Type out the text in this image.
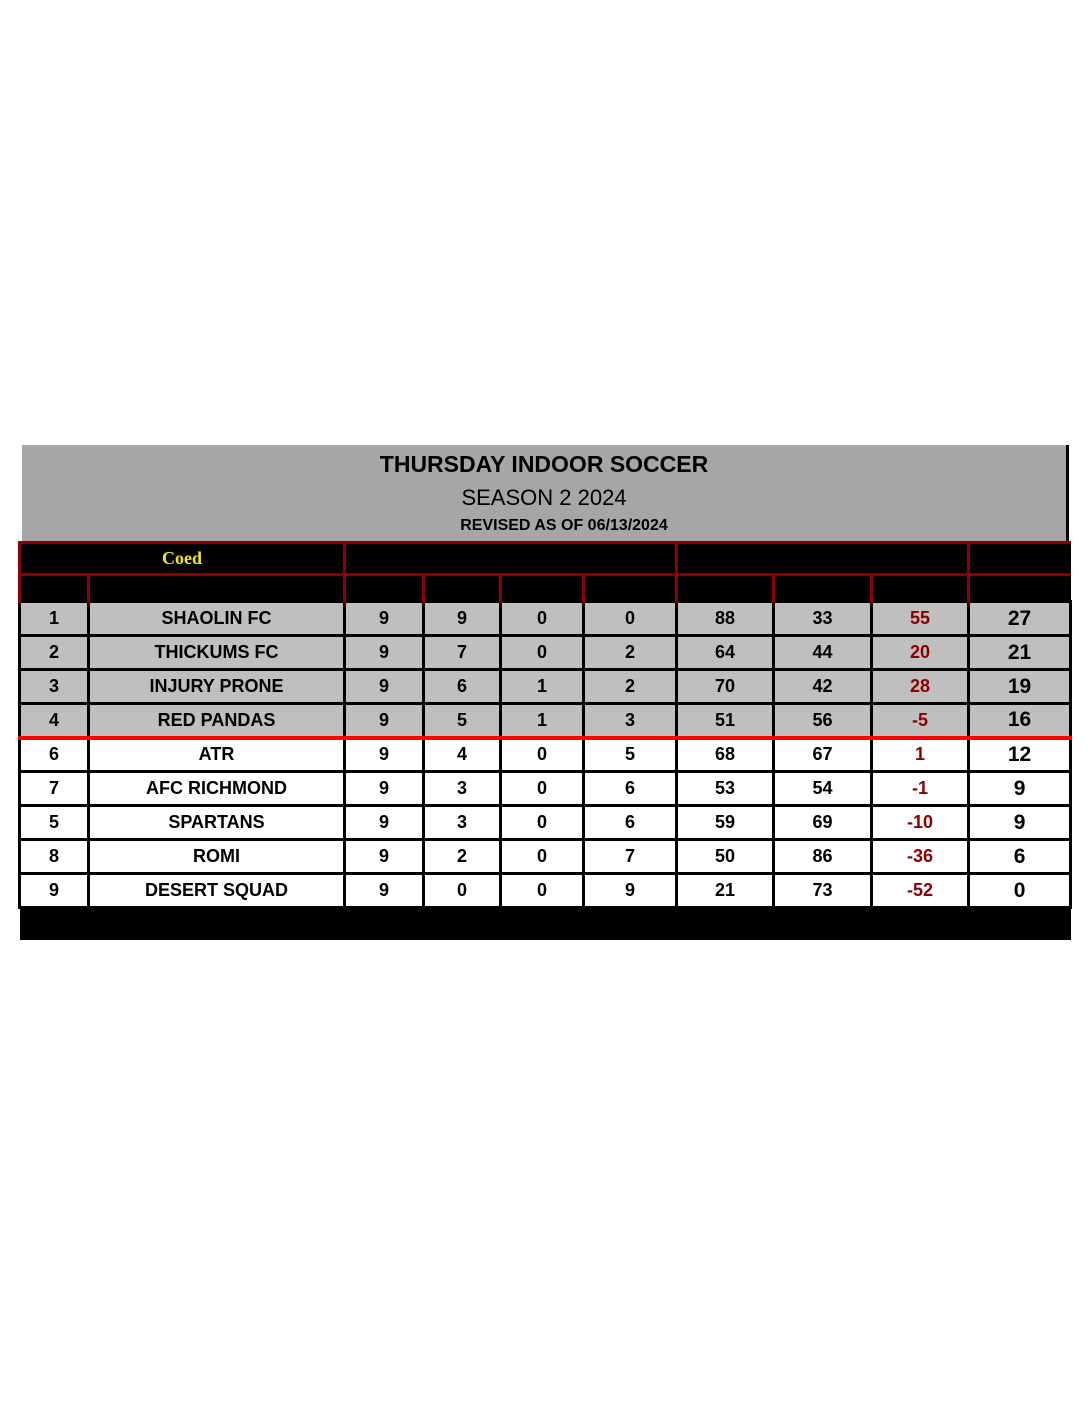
THURSDAY INDOOR SOCCER
SEASON 2 2024
REVISED AS OF 06/13/2024
Coed		SEASON RECORD				GOALS			TOTAL
POS.	TEAM NAME	GAMES	WINS	TIES	LOSSES	FOR	AGAINST	DIFF.	POINTS
1	SHAOLIN FC	9	9	0	0	88	33	55	27
2	THICKUMS FC	9	7	0	2	64	44	20	21
3	INJURY PRONE	9	6	1	2	70	42	28	19
4	RED PANDAS	9	5	1	3	51	56	-5	16
6	ATR	9	4	0	5	68	67	1	12
7	AFC RICHMOND	9	3	0	6	53	54	-1	9
5	SPARTANS	9	3	0	6	59	69	-10	9
8	ROMI	9	2	0	7	50	86	-36	6
9	DESERT SQUAD	9	0	0	9	21	73	-52	0
***HIGHLIGHTED TEAMS REFLECT PLAYOFF SPOTS***									
